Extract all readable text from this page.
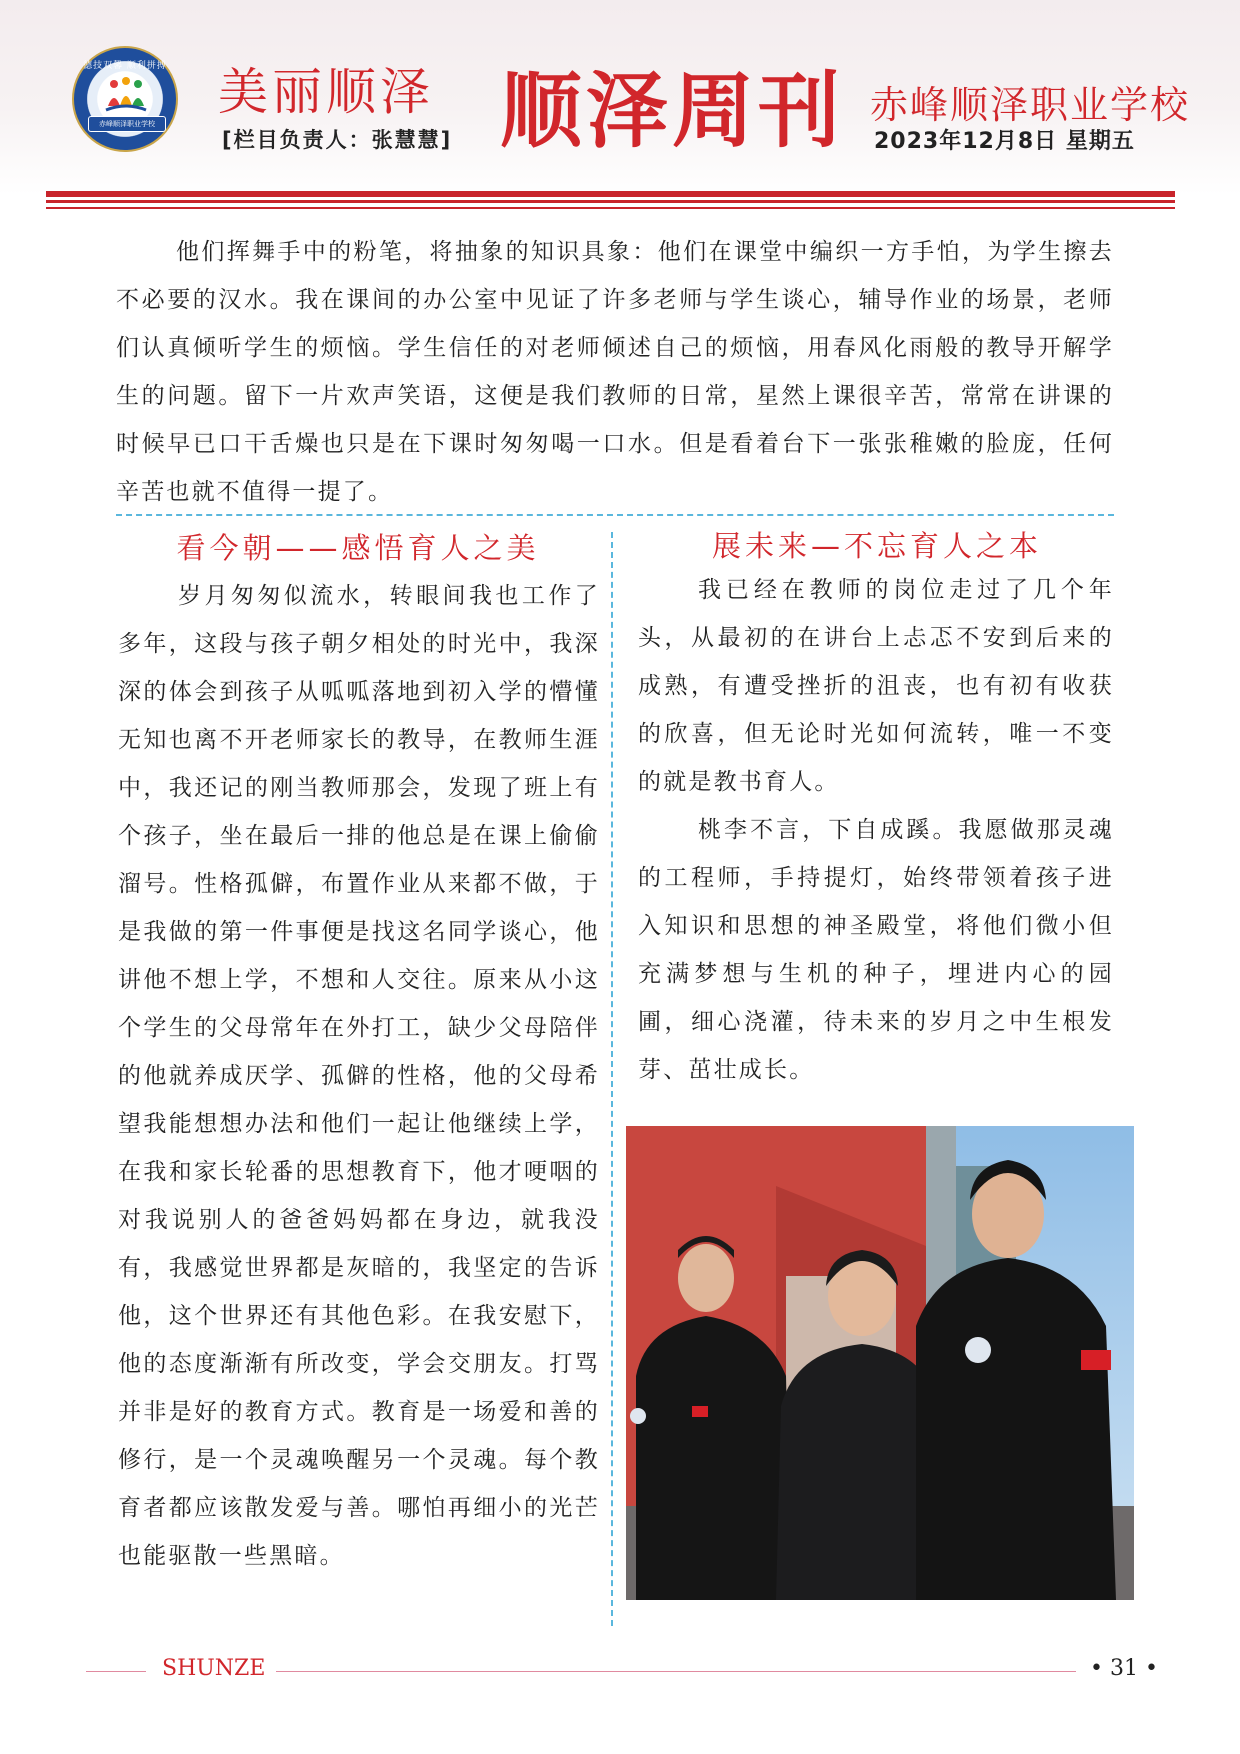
德技双馨 顺利拼搏
赤峰顺泽职业学校
美丽顺泽
[栏目负责人：张慧慧] 顺泽周刊 赤峰顺泽职业学校
2023年12月8日 星期五

他们挥舞手中的粉笔，将抽象的知识具象：他们在课堂中编织一方手怕，为学生擦去不必要的汉水。我在课间的办公室中见证了许多老师与学生谈心，辅导作业的场景，老师们认真倾听学生的烦恼。学生信任的对老师倾述自己的烦恼，用春风化雨般的教导开解学生的问题。留下一片欢声笑语，这便是我们教师的日常，星然上课很辛苦，常常在讲课的时候早已口干舌燥也只是在下课时匆匆喝一口水。但是看着台下一张张稚嫩的脸庞，任何辛苦也就不值得一提了。

看今朝——感悟育人之美

岁月匆匆似流水，转眼间我也工作了多年，这段与孩子朝夕相处的时光中，我深深的体会到孩子从呱呱落地到初入学的懵懂无知也离不开老师家长的教导，在教师生涯中，我还记的刚当教师那会，发现了班上有个孩子，坐在最后一排的他总是在课上偷偷溜号。性格孤僻，布置作业从来都不做，于是我做的第一件事便是找这名同学谈心，他讲他不想上学，不想和人交往。原来从小这个学生的父母常年在外打工，缺少父母陪伴的他就养成厌学、孤僻的性格，他的父母希望我能想想办法和他们一起让他继续上学，在我和家长轮番的思想教育下，他才哽咽的对我说别人的爸爸妈妈都在身边，就我没有，我感觉世界都是灰暗的，我坚定的告诉他，这个世界还有其他色彩。在我安慰下，他的态度渐渐有所改变，学会交朋友。打骂并非是好的教育方式。教育是一场爱和善的修行，是一个灵魂唤醒另一个灵魂。每个教育者都应该散发爱与善。哪怕再细小的光芒也能驱散一些黑暗。

展未来—不忘育人之本

我已经在教师的岗位走过了几个年头，从最初的在讲台上忐忑不安到后来的成熟，有遭受挫折的沮丧，也有初有收获的欣喜，但无论时光如何流转，唯一不变的就是教书育人。

桃李不言，下自成蹊。我愿做那灵魂的工程师，手持提灯，始终带领着孩子进入知识和思想的神圣殿堂，将他们微小但充满梦想与生机的种子，埋进内心的园圃，细心浇灌，待未来的岁月之中生根发芽、茁壮成长。

SHUNZE	• 31 •
